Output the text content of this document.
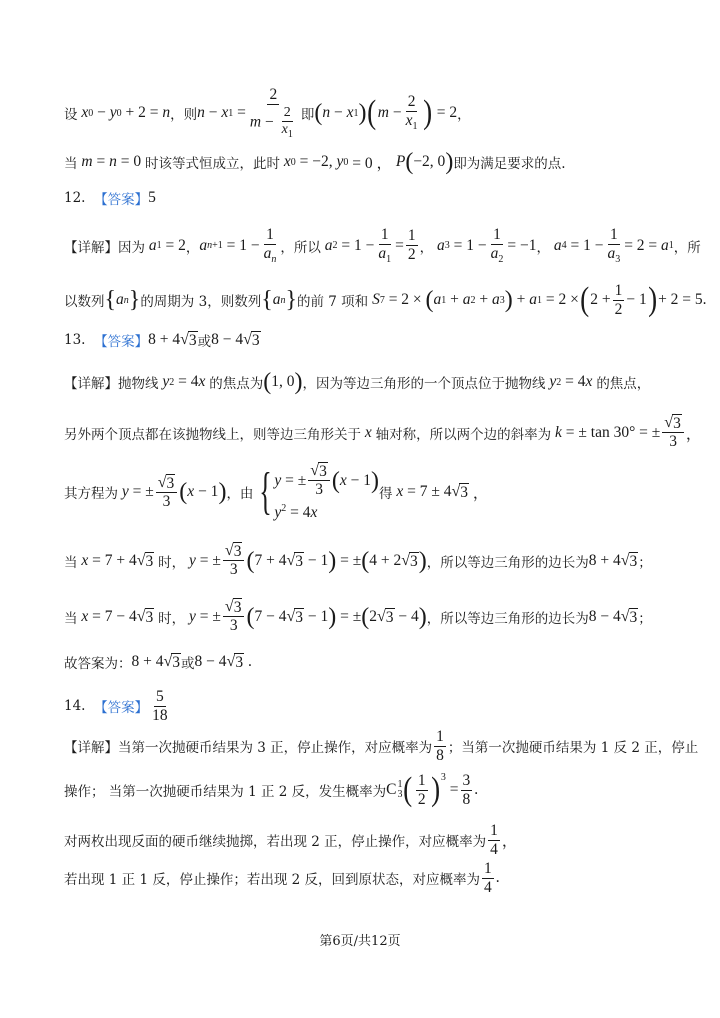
设
x 0 − y 0 + 2 = n ，则 n − x $1 = \frac{2}{m - \frac{2}{x_1}}$ 即 ( n − x 1 ) ( $m - \frac{2}{x_1}$ ) = 2 ，
当
m = n = 0 时该等式恒成立，此时
x 0 = −2, y 0 = 0 ， P ( −2, 0 ) 即为满足要求的点.
12.
【答案】 5
【详解】因为
a 1 = 2 ， a $n+1 = 1 - \frac{1}{a_n}$ ，所以
a $2 = 1 - \frac{1}{a_1} = \frac{1}{2}$ ，
a $3 = 1 - \frac{1}{a_2} = -1$ ，
a $4 = 1 - \frac{1}{a_3} = 2 = a$ 1 ，所
以数列 { a n } 的周期为 3，则数列 { a n } 的前 7 项和
S 7 = 2 × ( a 1 + a 2 + a 3 ) + a 1 = 2 × ( $2 + \frac{1}{2} - 1$ ) + 2 = 5.
13.
【答案】 8 + 4 √ 3 或 8 − 4 √ 3
【详解】抛物线
y 2 = 4 x
的焦点为 ( 1, 0 ) ，因为等边三角形的一个顶点位于抛物线
y 2 = 4 x
的焦点，
另外两个顶点都在该抛物线上，则等边三角形关于
x
轴对称，所以两个边的斜率为
k = ± tan 30° = ± $\frac{√ 3}{3}$ ，
其方程为
y = ± $\frac{√ 3}{3}$ ( x − 1 ) ，由 { y = ± $\frac{√ 3}{3}$ ( x − 1 )
$y^2 = 4x$
得
x = 7 ± 4 √ 3 ，
当
x = 7 + 4 √ 3
时，
y = ± $\frac{√ 3}{3}$ ( 7 + 4 √ 3 − 1 ) = ± ( 4 + 2 √ 3 ) ，所以等边三角形的边长为 8 + 4 √ 3 ；
当
x = 7 − 4 √ 3
时，
y = ± $\frac{√ 3}{3}$ ( 7 − 4 √ 3 − 1 ) = ± ( 2 √ 3 − 4 ) ，所以等边三角形的边长为 8 − 4 √ 3 ；
故答案为： 8 + 4 √ 3 或 8 − 4 √ 3 .
14.
【答案】 $\frac{5}{18}$
【详解】当第一次抛硬币结果为 3 正，停止操作，对应概率为 $\frac{1}{8}$ ；当第一次抛硬币结果为 1 反 2 正，停止
操作； 当第一次抛硬币结果为 1 正 2 反，发生概率为 C 1
3 ( $\frac{1}{2} )^3$
= $\frac{3}{8}$ .
对两枚出现反面的硬币继续抛掷，若出现 2 正，停止操作，对应概率为 $\frac{1}{4}$ ，
若出现 1 正 1 反，停止操作；若出现 2 反，回到原状态，对应概率为 $\frac{1}{4}$ .
第6页/共12页
